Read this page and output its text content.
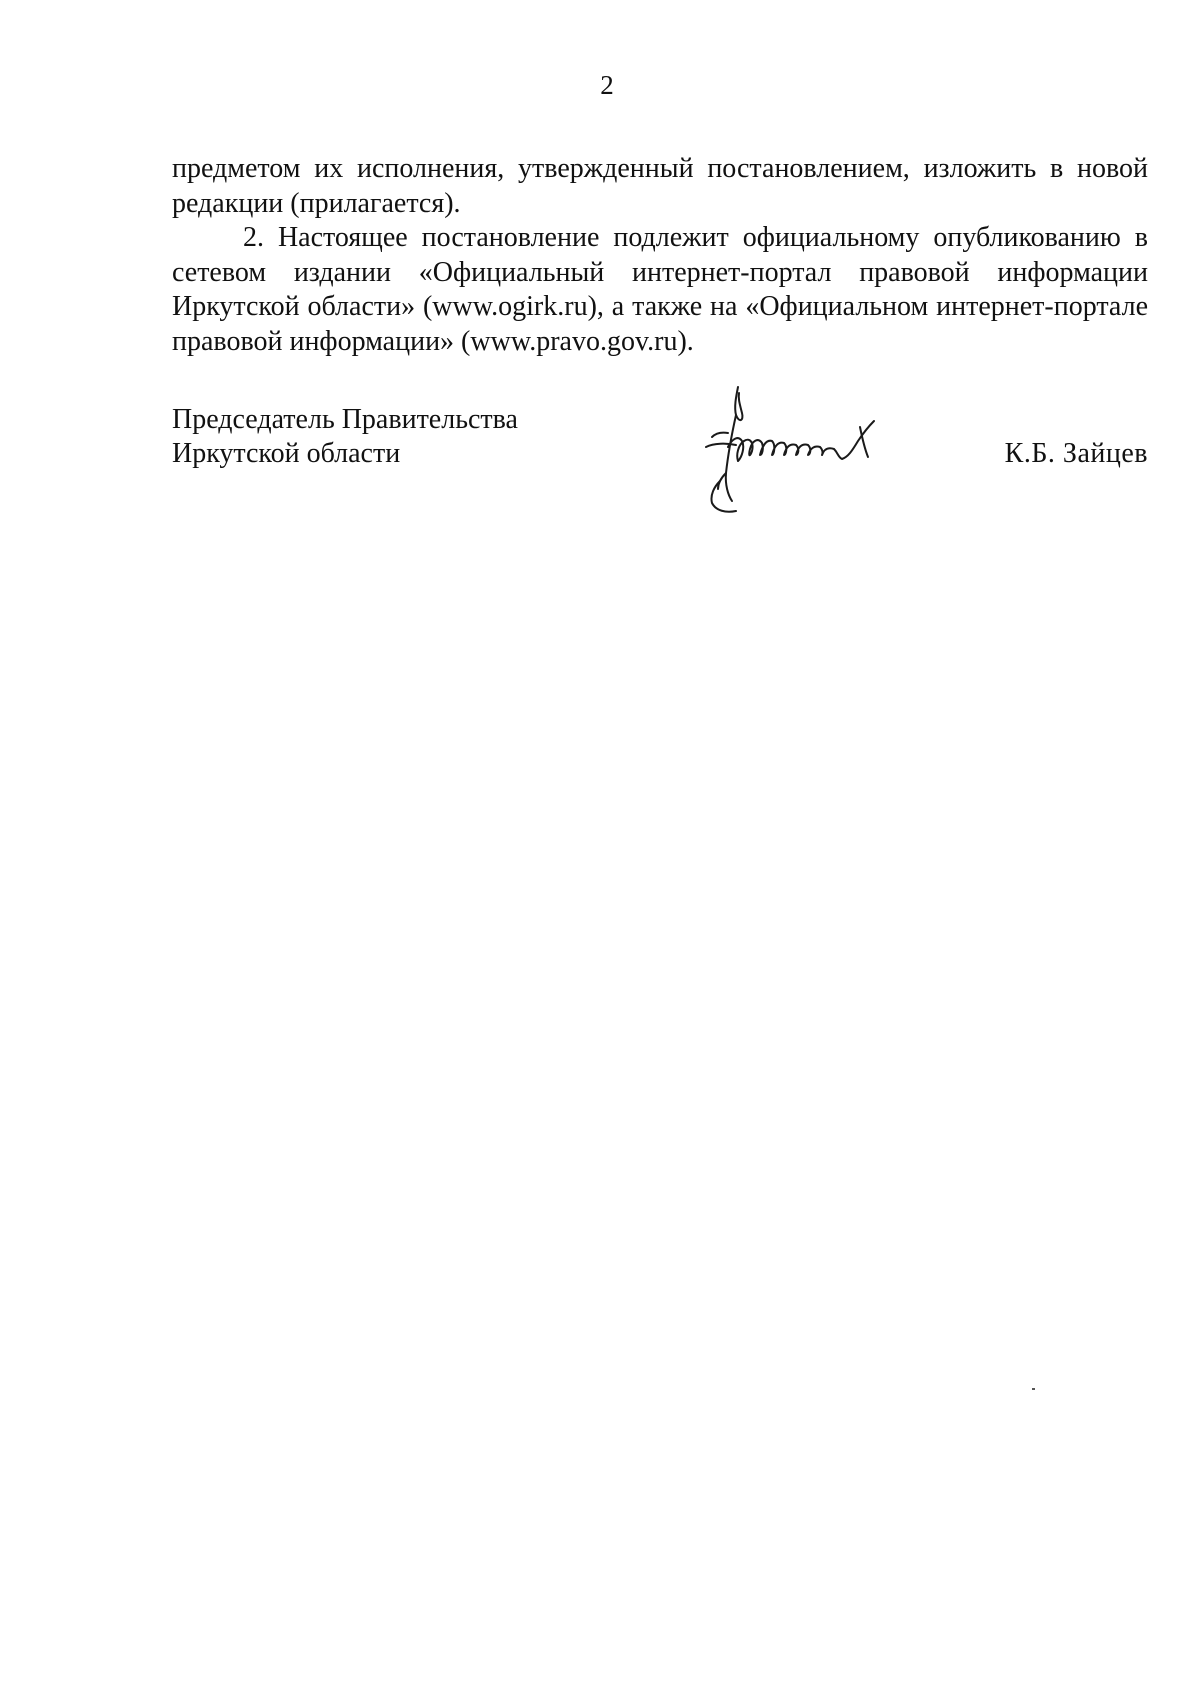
2

предметом их исполнения, утвержденный постановлением, изложить в новой редакции (прилагается).

2. Настоящее постановление подлежит официальному опубликованию в сетевом издании «Официальный интернет-портал правовой информации Иркутской области» (www.ogirk.ru), а также на «Официальном интернет-портале правовой информации» (www.pravo.gov.ru).

Председатель Правительства
Иркутской области	К.Б. Зайцев
